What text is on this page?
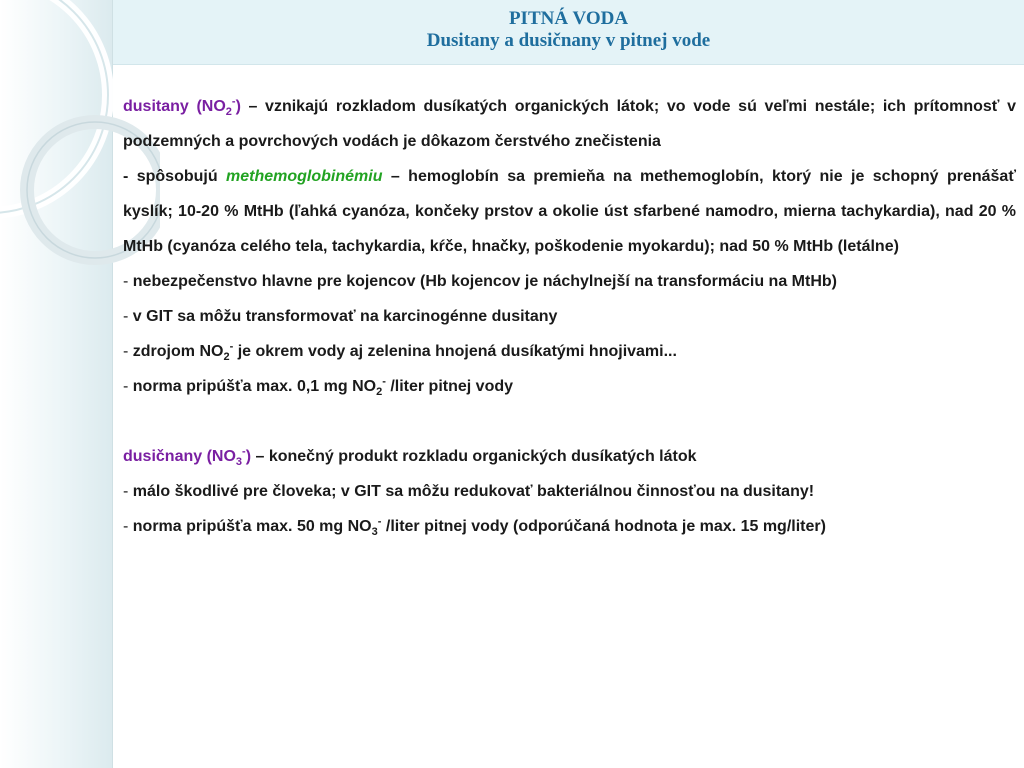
PITNÁ VODA
Dusitany a dusičnany v pitnej vode

dusitany $(NO_2^-)$ – vznikajú rozkladom dusíkatých organických látok; vo vode sú veľmi nestále; ich prítomnosť v podzemných a povrchových vodách je dôkazom čerstvého znečistenia

- spôsobujú methemoglobinémiu – hemoglobín sa premieňa na methemoglobín, ktorý nie je schopný prenášať kyslík; 10-20 % MtHb (ľahká cyanóza, končeky prstov a okolie úst sfarbené namodro, mierna tachykardia), nad 20 % MtHb (cyanóza celého tela, tachykardia, kŕče, hnačky, poškodenie myokardu); nad 50 % MtHb (letálne)

- nebezpečenstvo hlavne pre kojencov (Hb kojencov je náchylnejší na transformáciu na MtHb)

- v GIT sa môžu transformovať na karcinogénne dusitany

- zdrojom $NO_2^-$ je okrem vody aj zelenina hnojená dusíkatými hnojivami...

- norma pripúšťa max. 0,1 mg $NO_2^-$ /liter pitnej vody

dusičnany $(NO_3^-)$ – konečný produkt rozkladu organických dusíkatých látok

- málo škodlivé pre človeka; v GIT sa môžu redukovať bakteriálnou činnosťou na dusitany!

- norma pripúšťa max. 50 mg $NO_3^-$ /liter pitnej vody (odporúčaná hodnota je max. 15 mg/liter)
